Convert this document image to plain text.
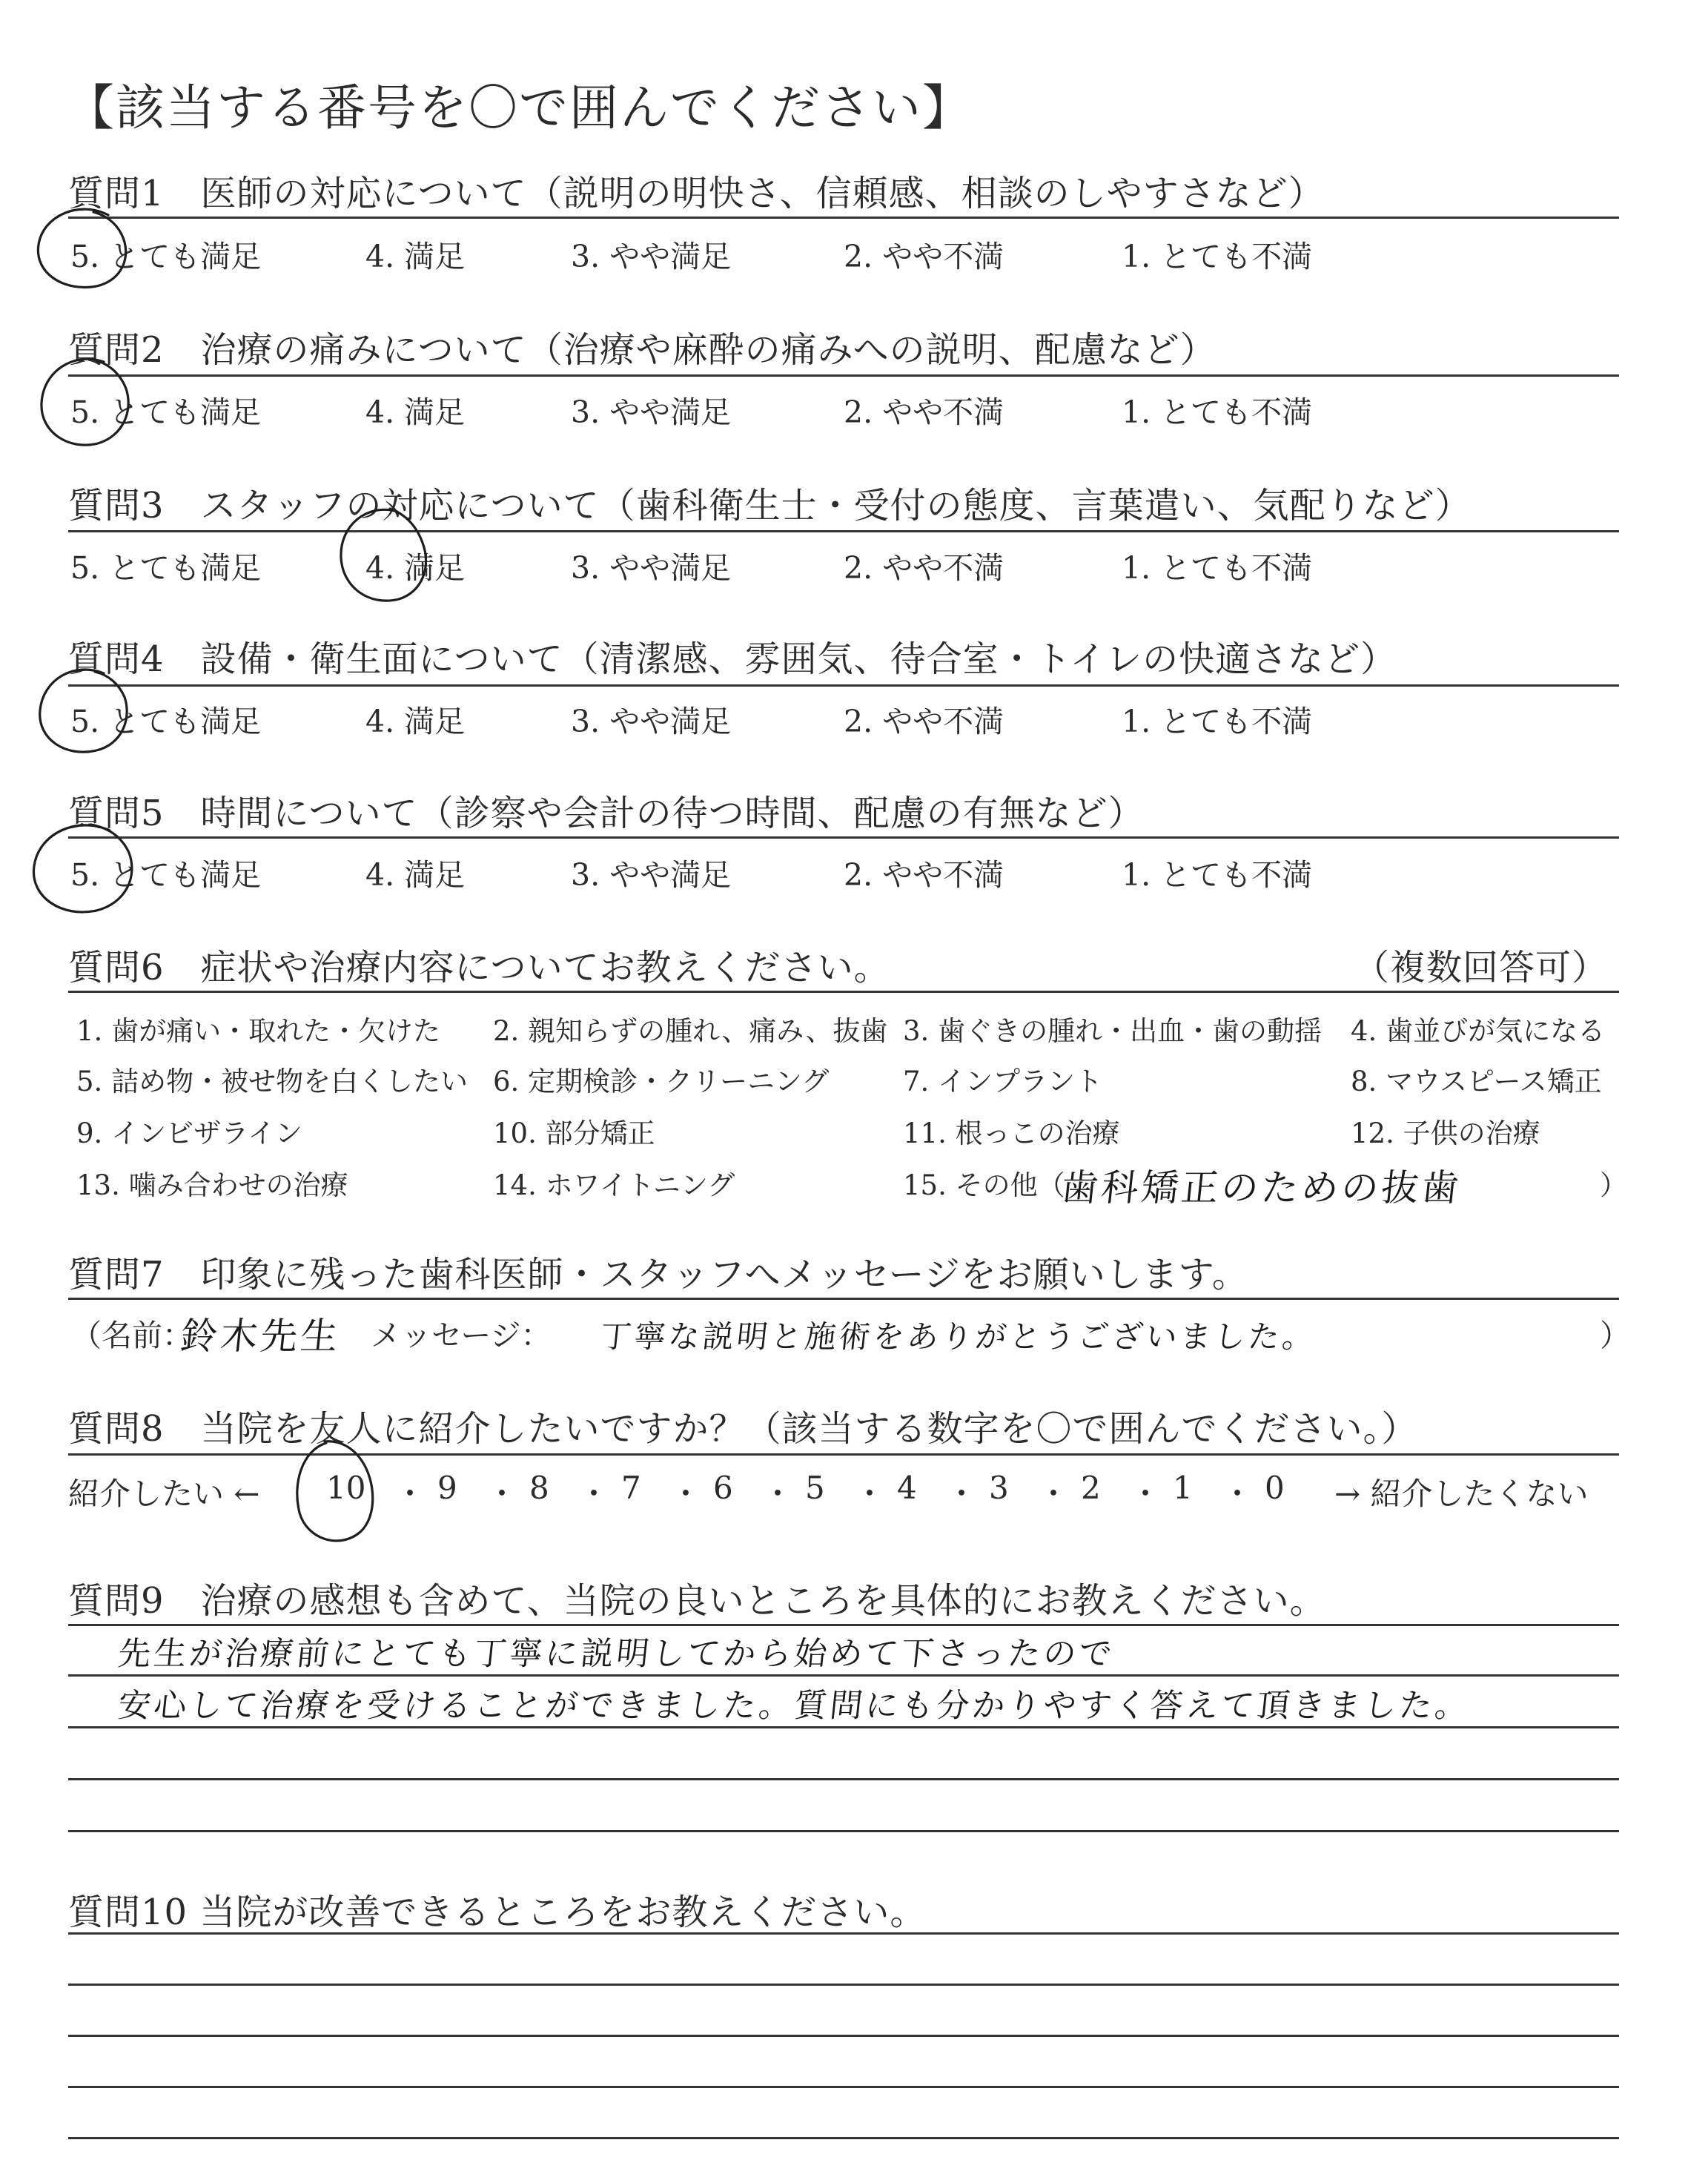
【該当する番号を〇で囲んでください】
質問1　医師の対応について（説明の明快さ、信頼感、相談のしやすさなど）
5. とても満足	4. 満足	3. やや満足	2. やや不満	1. とても不満
質問2　治療の痛みについて（治療や麻酔の痛みへの説明、配慮など）
5. とても満足	4. 満足	3. やや満足	2. やや不満	1. とても不満
質問3　スタッフの対応について（歯科衛生士・受付の態度、言葉遣い、気配りなど）
5. とても満足	4. 満足	3. やや満足	2. やや不満	1. とても不満
質問4　設備・衛生面について（清潔感、雰囲気、待合室・トイレの快適さなど）
5. とても満足	4. 満足	3. やや満足	2. やや不満	1. とても不満
質問5　時間について（診察や会計の待つ時間、配慮の有無など）
5. とても満足	4. 満足	3. やや満足	2. やや不満	1. とても不満
質問6　症状や治療内容についてお教えください。	（複数回答可）
1. 歯が痛い・取れた・欠けた 2. 親知らずの腫れ、痛み、抜歯 3. 歯ぐきの腫れ・出血・歯の動揺 4. 歯並びが気になる
5. 詰め物・被せ物を白くしたい 6. 定期検診・クリーニング	7. インプラント	8. マウスピース矯正
9. インビザライン	10. 部分矯正	11. 根っこの治療	12. 子供の治療
13. 噛み合わせの治療	14. ホワイトニング	15. その他（
歯科矯正のための抜歯	）
質問7　印象に残った歯科医師・スタッフへメッセージをお願いします。
（名前：
鈴木先生 メッセージ： 丁寧な説明と施術をありがとうございました。	）
質問8　当院を友人に紹介したいですか？（該当する数字を〇で囲んでください。）
紹介したい ← 10 ・ 9 ・ 8 ・ 7 ・ 6 ・ 5 ・ 4 ・ 3 ・ 2 ・ 1 ・ 0 → 紹介したくない
質問9　治療の感想も含めて、当院の良いところを具体的にお教えください。
先生が治療前にとても丁寧に説明してから始めて下さったので
安心して治療を受けることができました。質問にも分かりやすく答えて頂きました。
質問10 当院が改善できるところをお教えください。
